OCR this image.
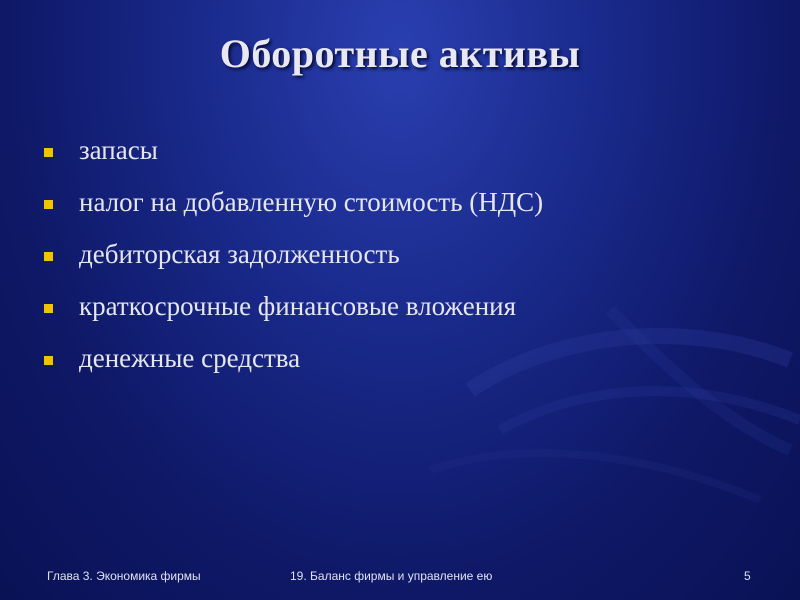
Оборотные активы
запасы
налог на добавленную стоимость (НДС)
дебиторская задолженность
краткосрочные финансовые вложения
денежные средства
Глава 3. Экономика фирмы	19. Баланс фирмы и управление ею	5
